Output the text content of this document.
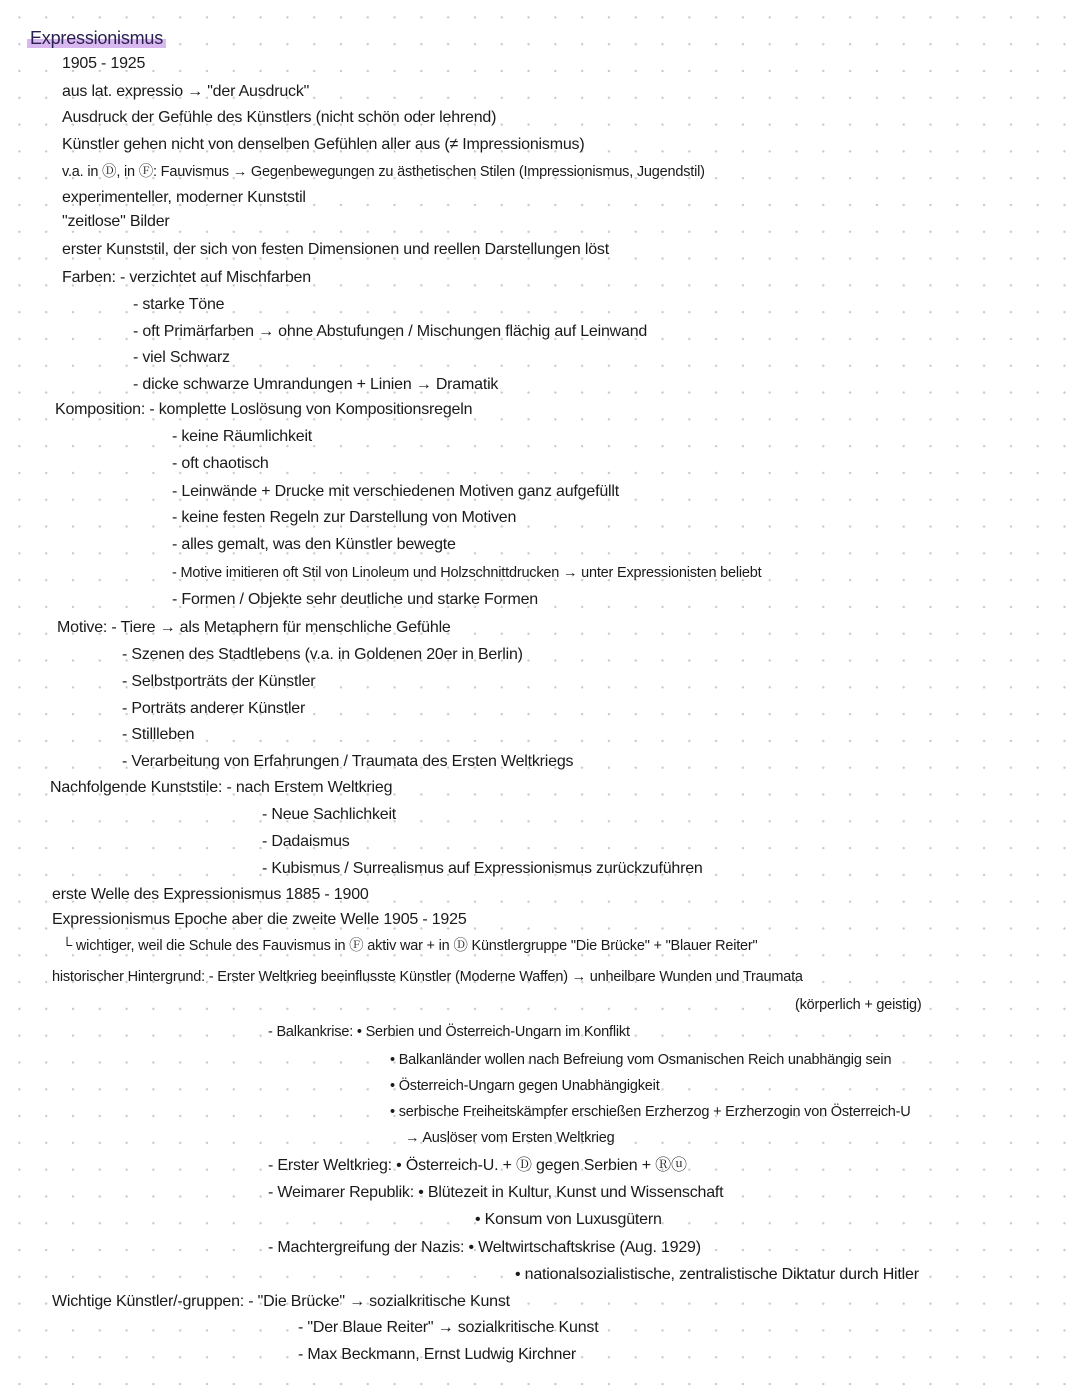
Expressionismus
1905 - 1925
aus lat. expressio → "der Ausdruck"
Ausdruck der Gefühle des Künstlers (nicht schön oder lehrend)
Künstler gehen nicht von denselben Gefühlen aller aus (≠ Impressionismus)
v.a. in Ⓓ, in Ⓕ: Fauvismus → Gegenbewegungen zu ästhetischen Stilen (Impressionismus, Jugendstil)
experimenteller, moderner Kunststil
"zeitlose" Bilder
erster Kunststil, der sich von festen Dimensionen und reellen Darstellungen löst
Farben: - verzichtet auf Mischfarben
- starke Töne
- oft Primärfarben → ohne Abstufungen / Mischungen flächig auf Leinwand
- viel Schwarz
- dicke schwarze Umrandungen + Linien → Dramatik
Komposition: - komplette Loslösung von Kompositionsregeln
- keine Räumlichkeit
- oft chaotisch
- Leinwände + Drucke mit verschiedenen Motiven ganz aufgefüllt
- keine festen Regeln zur Darstellung von Motiven
- alles gemalt, was den Künstler bewegte
- Motive imitieren oft Stil von Linoleum und Holzschnittdrucken → unter Expressionisten beliebt
- Formen / Objekte sehr deutliche und starke Formen
Motive: - Tiere → als Metaphern für menschliche Gefühle
- Szenen des Stadtlebens (v.a. in Goldenen 20er in Berlin)
- Selbstporträts der Künstler
- Porträts anderer Künstler
- Stillleben
- Verarbeitung von Erfahrungen / Traumata des Ersten Weltkriegs
Nachfolgende Kunststile: - nach Erstem Weltkrieg
- Neue Sachlichkeit
- Dadaismus
- Kubismus / Surrealismus auf Expressionismus zurückzuführen
erste Welle des Expressionismus 1885 - 1900
Expressionismus Epoche aber die zweite Welle 1905 - 1925
└ wichtiger, weil die Schule des Fauvismus in Ⓕ aktiv war + in Ⓓ Künstlergruppe "Die Brücke" + "Blauer Reiter"
historischer Hintergrund: - Erster Weltkrieg beeinflusste Künstler (Moderne Waffen) → unheilbare Wunden und Traumata
(körperlich + geistig)
- Balkankrise: • Serbien und Österreich-Ungarn im Konflikt
• Balkanländer wollen nach Befreiung vom Osmanischen Reich unabhängig sein
• Österreich-Ungarn gegen Unabhängigkeit
• serbische Freiheitskämpfer erschießen Erzherzog + Erzherzogin von Österreich-U
→ Auslöser vom Ersten Weltkrieg
- Erster Weltkrieg: • Österreich-U. + Ⓓ gegen Serbien + Ⓡⓤ
- Weimarer Republik: • Blütezeit in Kultur, Kunst und Wissenschaft
• Konsum von Luxusgütern
- Machtergreifung der Nazis: • Weltwirtschaftskrise (Aug. 1929)
• nationalsozialistische, zentralistische Diktatur durch Hitler
Wichtige Künstler/-gruppen: - "Die Brücke" → sozialkritische Kunst
- "Der Blaue Reiter" → sozialkritische Kunst
- Max Beckmann, Ernst Ludwig Kirchner
